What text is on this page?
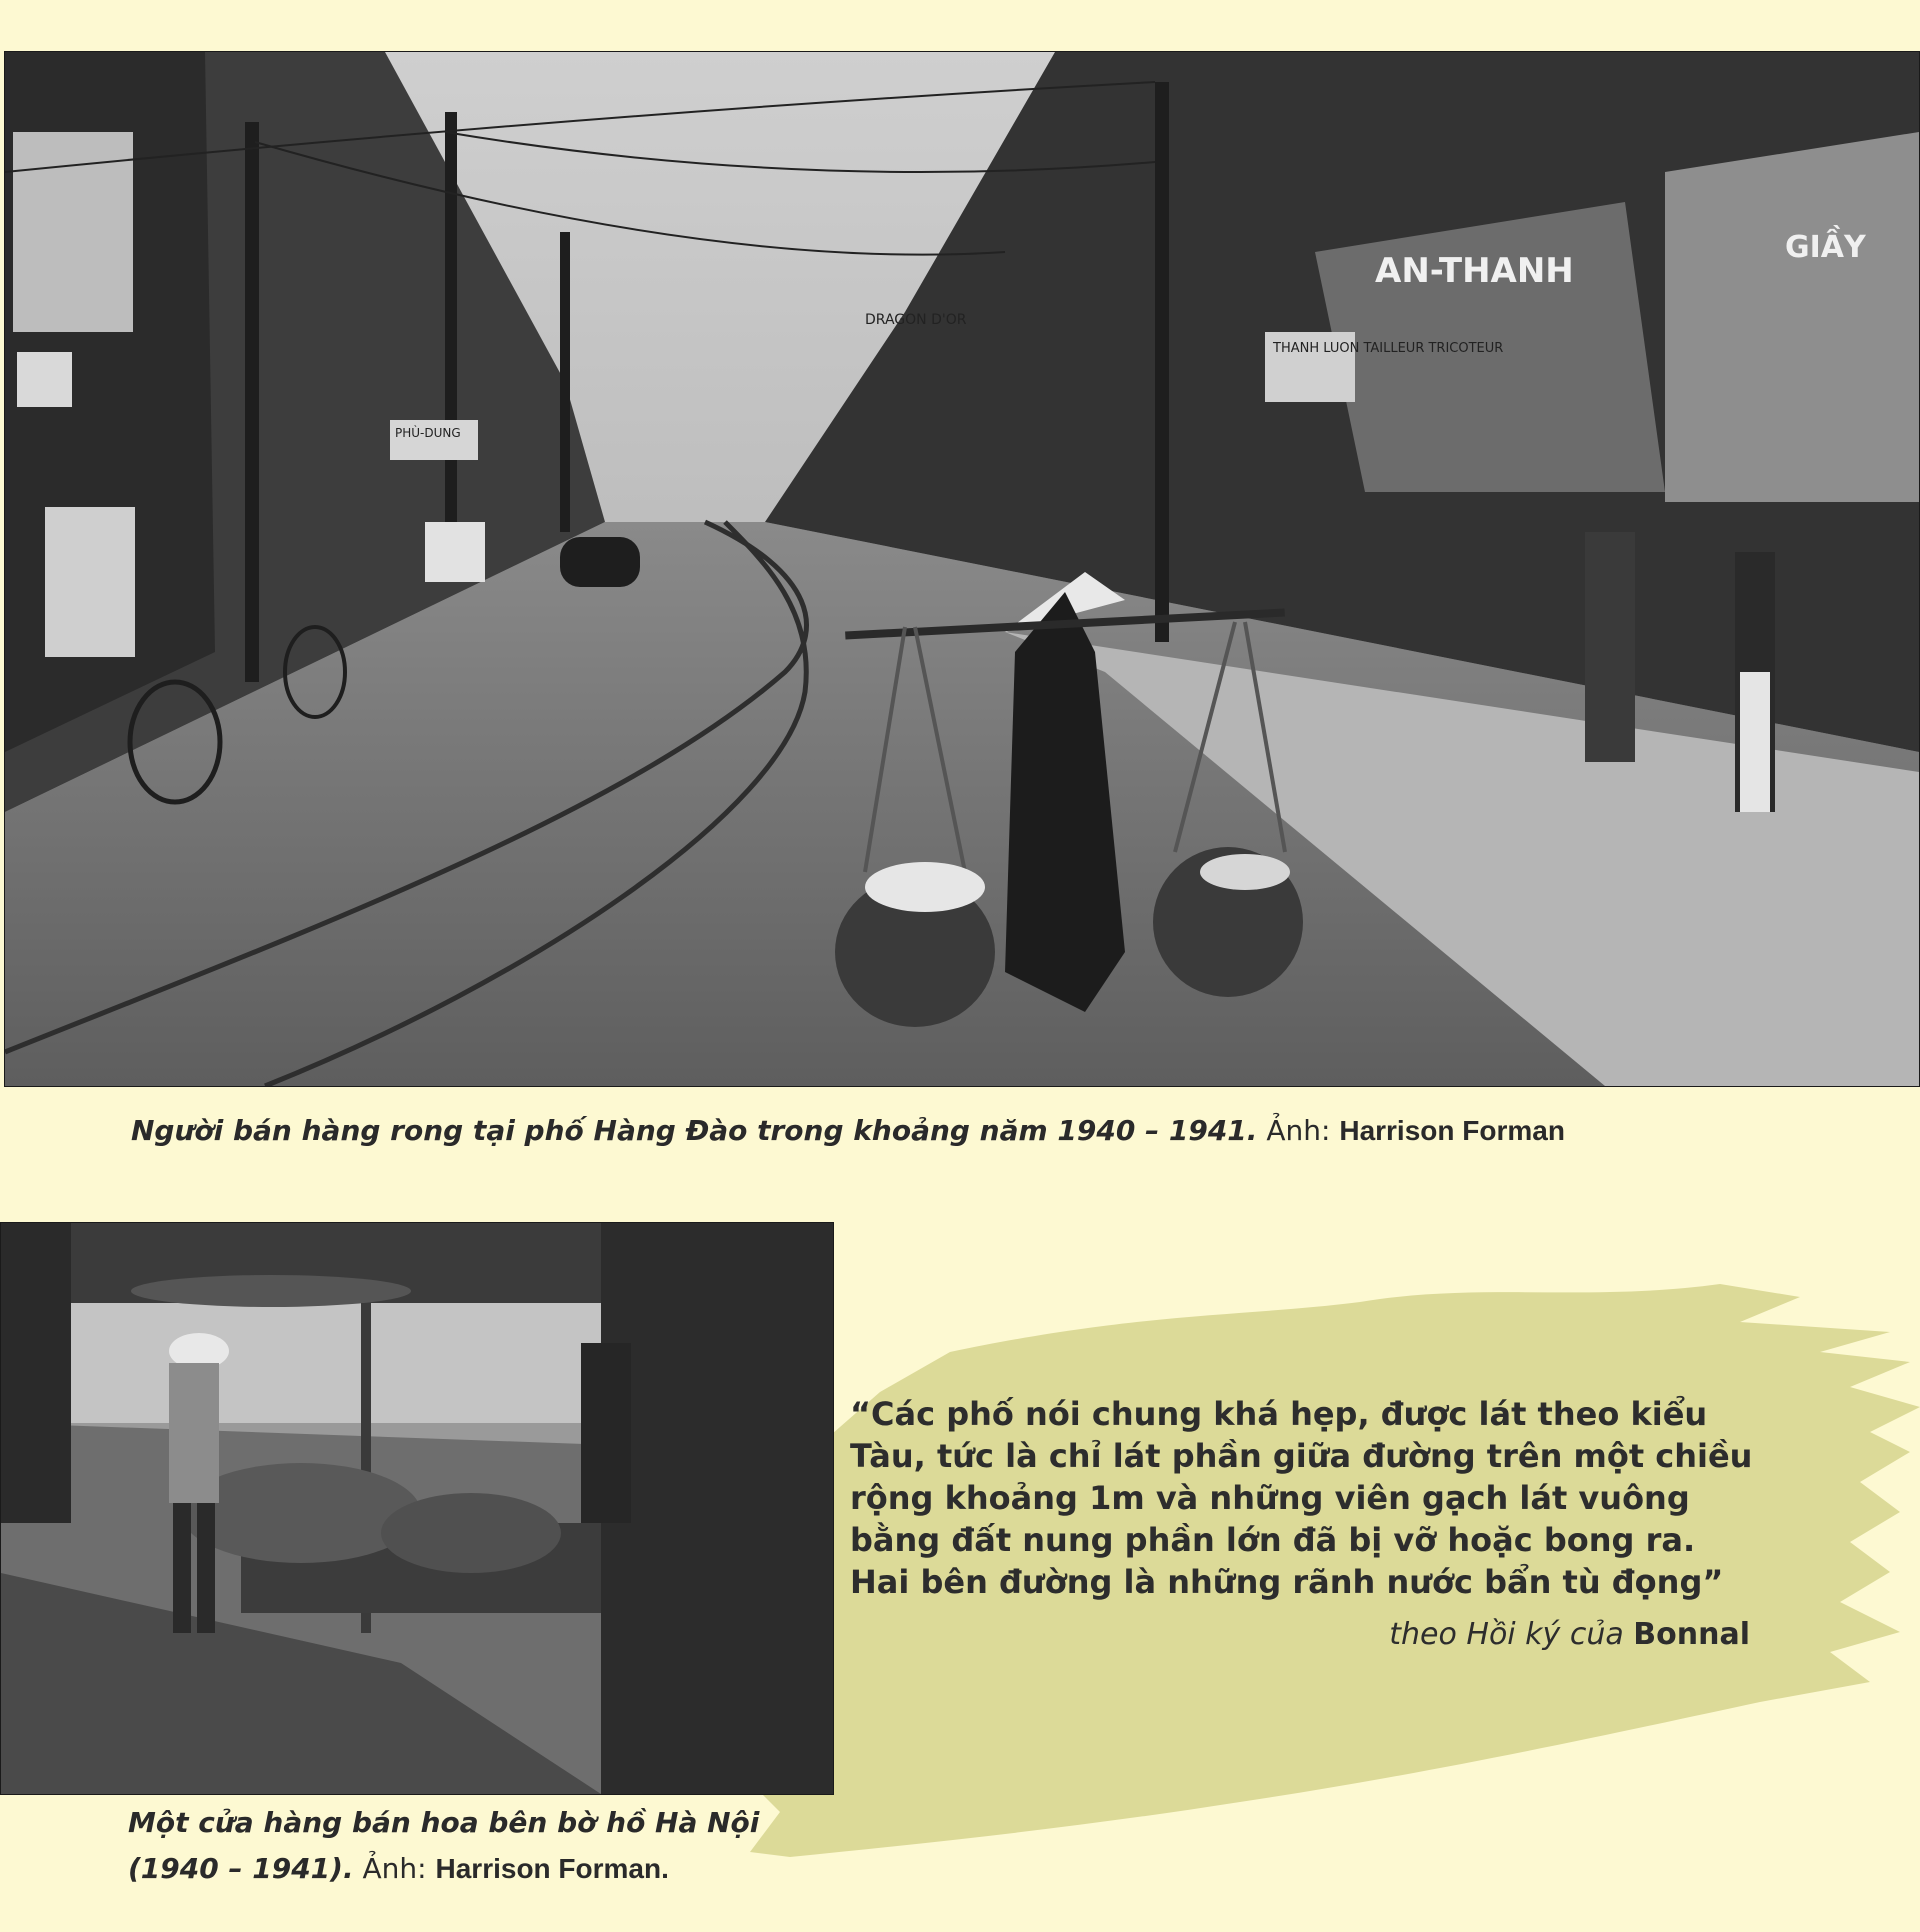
THANH LUON TAILLEUR TRICOTEUR
DRAGON D'OR
PHÙ-DUNG
GIẦY
AN-THANH
Người bán hàng rong tại phố Hàng Đào trong khoảng năm 1940 – 1941. Ảnh: Harrison Forman
Một cửa hàng bán hoa bên bờ hồ Hà Nội
(1940 – 1941). Ảnh: Harrison Forman.
“Các phố nói chung khá hẹp, được lát theo kiểu
Tàu, tức là chỉ lát phần giữa đường trên một chiều
rộng khoảng 1m và những viên gạch lát vuông
bằng đất nung phần lớn đã bị vỡ hoặc bong ra.
Hai bên đường là những rãnh nước bẩn tù đọng”
theo Hồi ký của Bonnal
